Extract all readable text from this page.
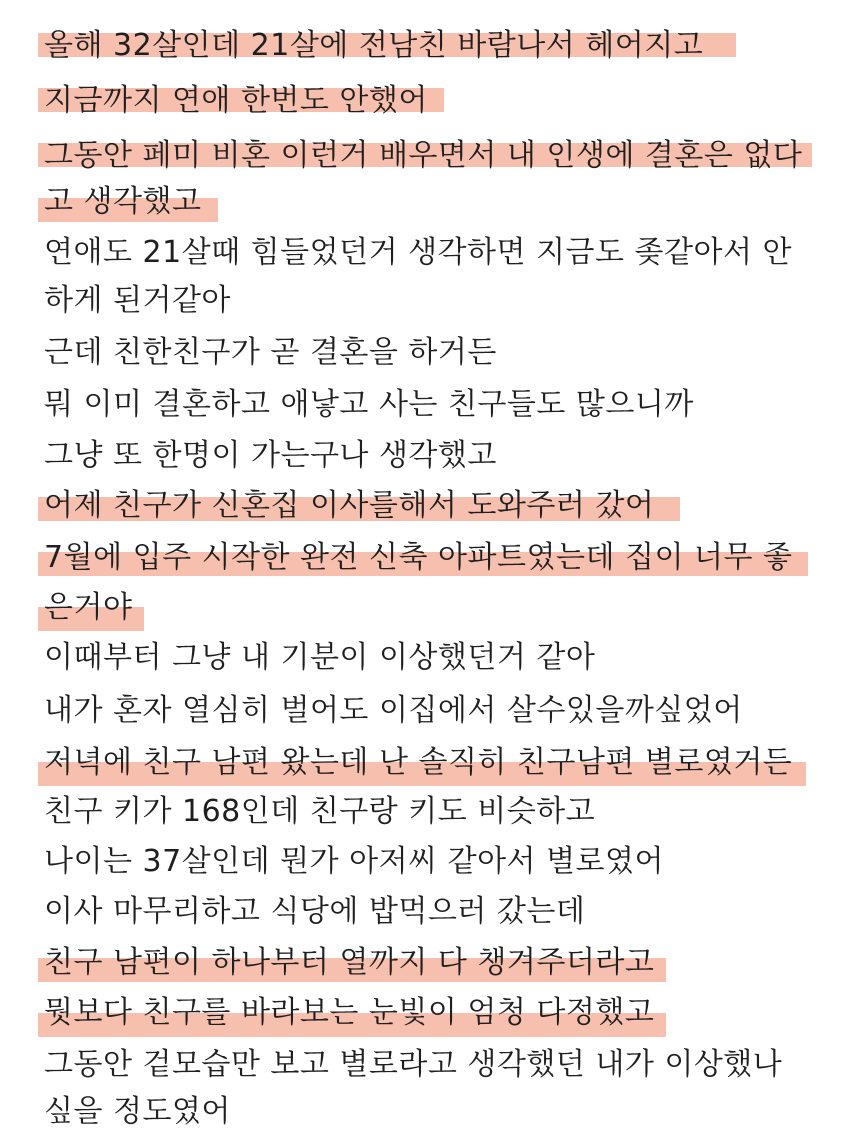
올해 32살인데 21살에 전남친 바람나서 헤어지고
지금까지 연애 한번도 안했어
그동안 페미 비혼 이런거 배우면서 내 인생에 결혼은 없다
고 생각했고
연애도 21살때 힘들었던거 생각하면 지금도 좆같아서 안
하게 된거같아
근데 친한친구가 곧 결혼을 하거든
뭐 이미 결혼하고 애낳고 사는 친구들도 많으니까
그냥 또 한명이 가는구나 생각했고
어제 친구가 신혼집 이사를해서 도와주러 갔어
7월에 입주 시작한 완전 신축 아파트였는데 집이 너무 좋
은거야
이때부터 그냥 내 기분이 이상했던거 같아
내가 혼자 열심히 벌어도 이집에서 살수있을까싶었어
저녁에 친구 남편 왔는데 난 솔직히 친구남편 별로였거든
친구 키가 168인데 친구랑 키도 비슷하고
나이는 37살인데 뭔가 아저씨 같아서 별로였어
이사 마무리하고 식당에 밥먹으러 갔는데
친구 남편이 하나부터 열까지 다 챙겨주더라고
뭣보다 친구를 바라보는 눈빛이 엄청 다정했고
그동안 겉모습만 보고 별로라고 생각했던 내가 이상했나
싶을 정도였어
